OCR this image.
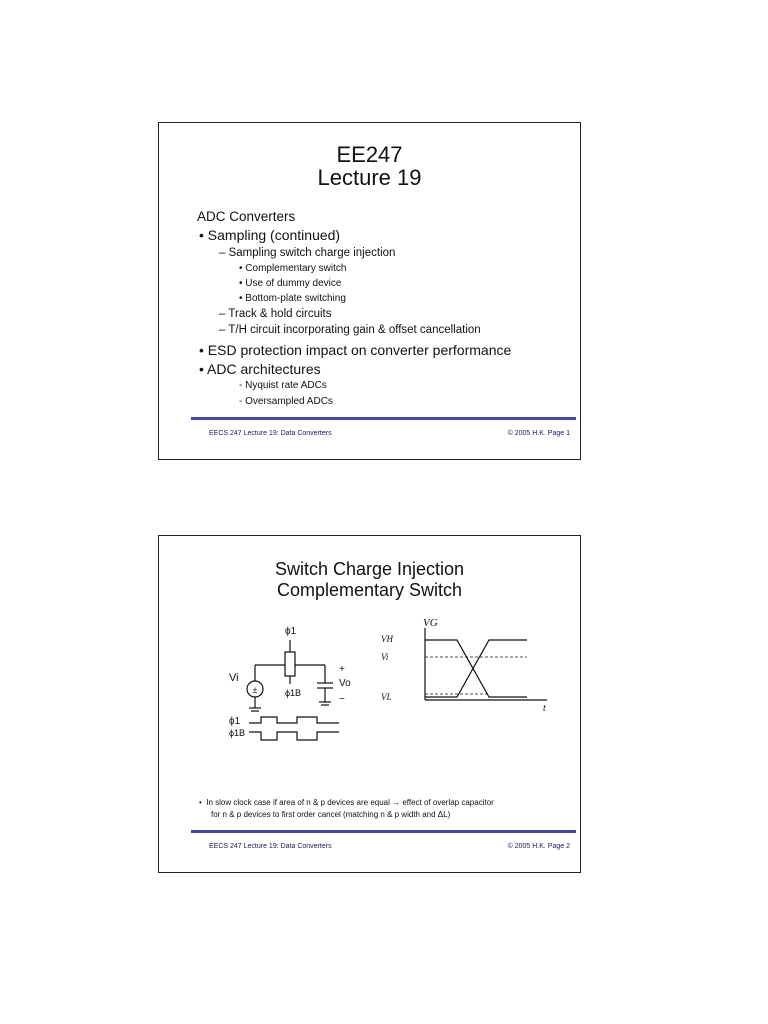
EE247
Lecture 19
ADC Converters
• Sampling (continued)
– Sampling switch charge injection
• Complementary switch
• Use of dummy device
• Bottom-plate switching
– Track & hold circuits
– T/H circuit incorporating gain & offset cancellation
• ESD protection impact on converter performance
• ADC architectures
- Nyquist rate ADCs
- Oversampled ADCs
EECS 247 Lecture 19: Data Converters	© 2005 H.K. Page 1
Switch Charge Injection
Complementary Switch
±
ϕ1
ϕ1B
Vi	Vo
+
−
ϕ1
ϕ1B
VG
VH
Vi
VL
t
•  In slow clock case if area of n & p devices are equal → effect of overlap capacitor
for n & p devices to first order cancel (matching n & p width and ΔL)
EECS 247 Lecture 19: Data Converters	© 2005 H.K. Page 2
